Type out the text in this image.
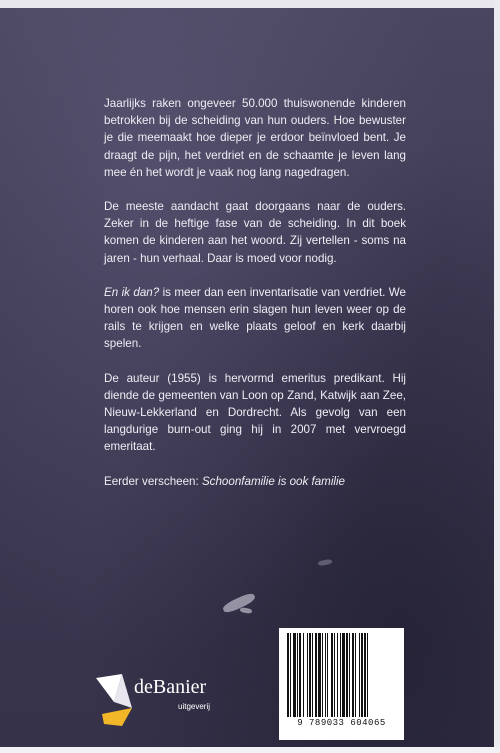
Jaarlijks raken ongeveer 50.000 thuiswonende kinderen betrokken bij de scheiding van hun ouders. Hoe bewuster je die meemaakt hoe dieper je erdoor beïnvloed bent. Je draagt de pijn, het verdriet en de schaamte je leven lang mee én het wordt je vaak nog lang nagedragen.

De meeste aandacht gaat doorgaans naar de ouders. Zeker in de heftige fase van de scheiding. In dit boek komen de kinderen aan het woord. Zij vertellen - soms na jaren - hun verhaal. Daar is moed voor nodig.

En ik dan? is meer dan een inventarisatie van verdriet. We horen ook hoe mensen erin slagen hun leven weer op de rails te krijgen en welke plaats geloof en kerk daarbij spelen.

De auteur (1955) is hervormd emeritus predikant. Hij diende de gemeenten van Loon op Zand, Katwijk aan Zee, Nieuw-Lekkerland en Dordrecht. Als gevolg van een langdurige burn-out ging hij in 2007 met vervroegd emeritaat.

Eerder verscheen: Schoonfamilie is ook familie

deBanier
uitgeverij
9 789033 604065
